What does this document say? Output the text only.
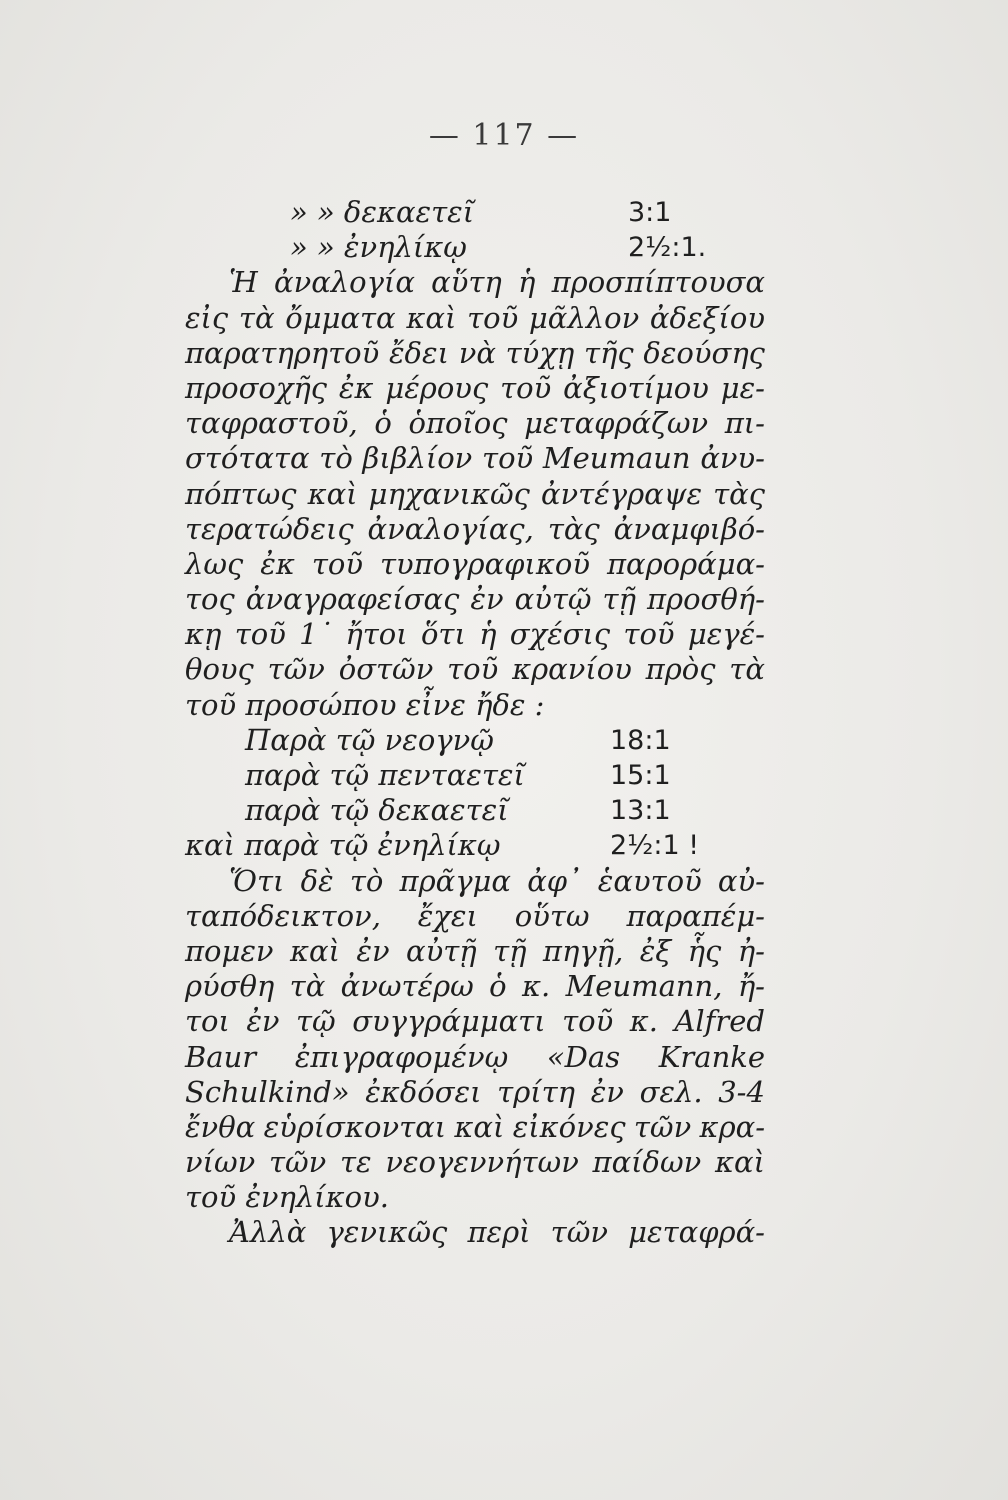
— 117 —
» » δεκαετεῖ	3:1
» » ἐνηλίκῳ	2½:1.
Ἡ ἀναλογία αὕτη ἡ προσπίπτουσα
εἰς τὰ ὄμματα καὶ τοῦ μᾶλλον ἀδεξίου
παρατηρητοῦ ἔδει νὰ τύχῃ τῆς δεούσης
προσοχῆς ἐκ μέρους τοῦ ἀξιοτίμου με-
ταφραστοῦ, ὁ ὁποῖος μεταφράζων πι-
στότατα τὸ βιβλίον τοῦ Meumaun ἀνυ-
πόπτως καὶ μηχανικῶς ἀντέγραψε τὰς
τερατώδεις ἀναλογίας, τὰς ἀναμφιβό-
λως ἐκ τοῦ τυπογραφικοῦ παροράμα-
τος ἀναγραφείσας ἐν αὐτῷ τῇ προσθή-
κῃ τοῦ 1˙ ἤτοι ὅτι ἡ σχέσις τοῦ μεγέ-
θους τῶν ὀστῶν τοῦ κρανίου πρὸς τὰ
τοῦ προσώπου εἶνε ἤδε :
Παρὰ τῷ νεογνῷ	18:1
παρὰ τῷ πενταετεῖ	15:1
παρὰ τῷ δεκαετεῖ	13:1
καὶ παρὰ τῷ ἐνηλίκῳ	2½:1 !
Ὅτι δὲ τὸ πρᾶγμα ἀφ᾽ ἑαυτοῦ αὐ-
ταπόδεικτον, ἔχει οὕτω παραπέμ-
πομεν καὶ ἐν αὐτῇ τῇ πηγῇ, ἐξ ἧς ἠ-
ρύσθη τὰ ἀνωτέρω ὁ κ. Meumann, ἤ-
τοι ἐν τῷ συγγράμματι τοῦ κ. Alfred
Baur ἐπιγραφομένῳ «Das Kranke
Schulkind» ἐκδόσει τρίτη ἐν σελ. 3-4
ἔνθα εὑρίσκονται καὶ εἰκόνες τῶν κρα-
νίων τῶν τε νεογεννήτων παίδων καὶ
τοῦ ἐνηλίκου.
Ἀλλὰ γενικῶς περὶ τῶν μεταφρά-
